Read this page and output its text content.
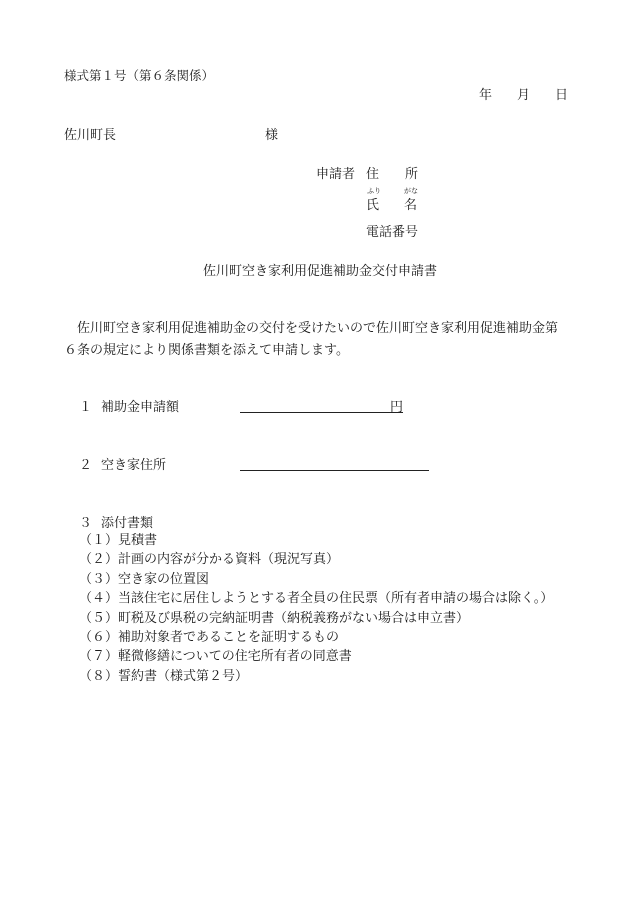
様式第１号（第６条関係）
年 月 日
佐川町長	様
申請者 住　　所
ふり	がな
氏 名
電話番号
佐川町空き家利用促進補助金交付申請書
佐川町空き家利用促進補助金の交付を受けたいので佐川町空き家利用促進補助金第６条の規定により関係書類を添えて申請します。
１ 補助金申請額	円
２ 空き家住所
３ 添付書類
（１）見積書
（２）計画の内容が分かる資料（現況写真）
（３）空き家の位置図
（４）当該住宅に居住しようとする者全員の住民票（所有者申請の場合は除く。）
（５）町税及び県税の完納証明書（納税義務がない場合は申立書）
（６）補助対象者であることを証明するもの
（７）軽微修繕についての住宅所有者の同意書
（８）誓約書（様式第２号）
